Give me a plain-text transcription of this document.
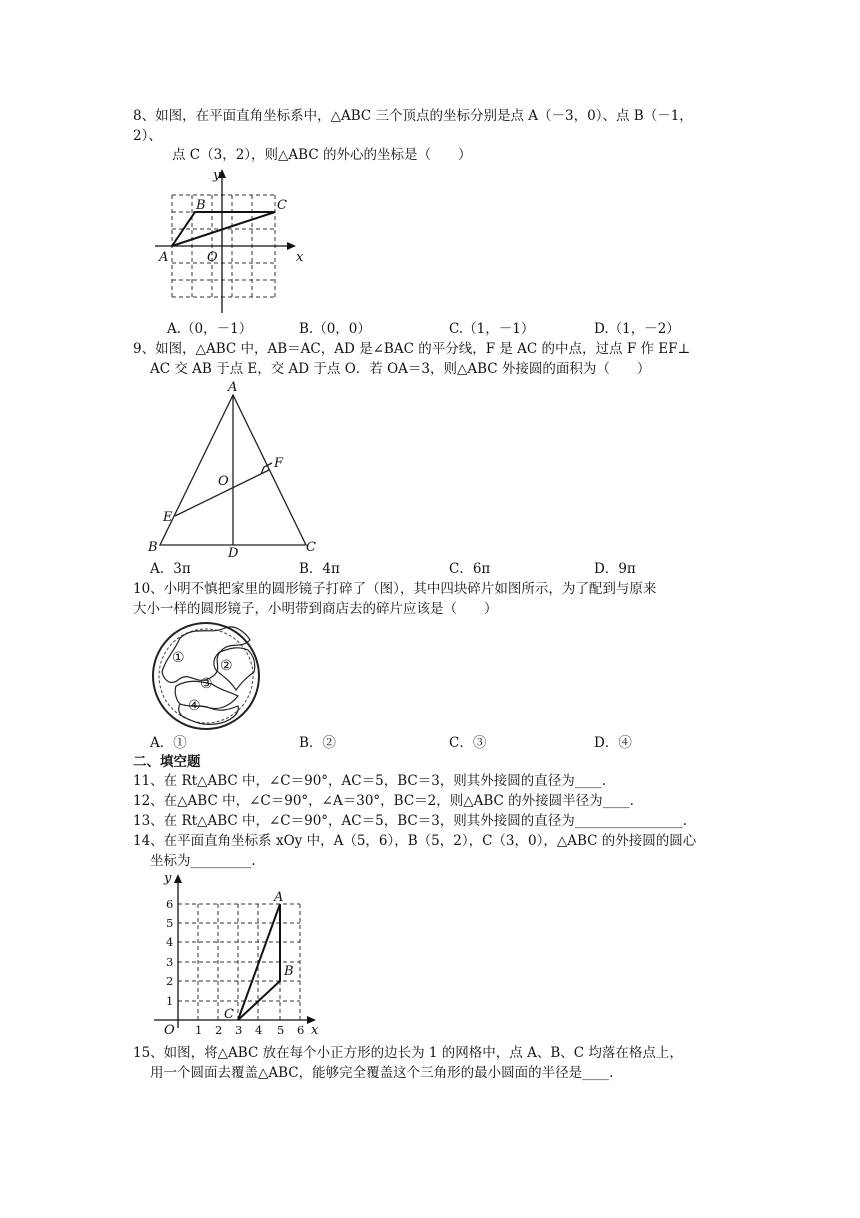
8、如图，在平面直角坐标系中，△ABC 三个顶点的坐标分别是点 A（－3，0）、点 B（－1，
2）、
点 C（3，2），则△ABC 的外心的坐标是（　　）
y
x
A
B	C
O
A.（0，－1）	B.（0，0）	C.（1，－1）	D.（1，－2）
9、如图，△ABC 中，AB＝AC，AD 是∠BAC 的平分线，F 是 AC 的中点，过点 F 作 EF⊥
AC 交 AB 于点 E，交 AD 于点 O．若 OA＝3，则△ABC 外接圆的面积为（　　）
A
B	C
D
E
F
O
A．3π	B．4π	C．6π	D．9π
10、小明不慎把家里的圆形镜子打碎了（图），其中四块碎片如图所示，为了配到与原来
大小一样的圆形镜子，小明带到商店去的碎片应该是（　　）
①	②
③
④
A．①	B．②	C．③	D．④
二、填空题
11、在 Rt△ABC 中，∠C＝90°，AC＝5，BC＝3，则其外接圆的直径为____.
12、在△ABC 中，∠C＝90°，∠A＝30°，BC＝2，则△ABC 的外接圆半径为____.
13、在 Rt△ABC 中，∠C＝90°，AC＝5，BC＝3，则其外接圆的直径为________________.
14、在平面直角坐标系 xOy 中，A（5，6），B（5，2），C（3，0），△ABC 的外接圆的圆心
坐标为_________.
y
x
O
A
B
C
1 2 3 4 5 6
1
2
3
4
5
6
15、如图，将△ABC 放在每个小正方形的边长为 1 的网格中，点 A、B、C 均落在格点上，
用一个圆面去覆盖△ABC，能够完全覆盖这个三角形的最小圆面的半径是____.
